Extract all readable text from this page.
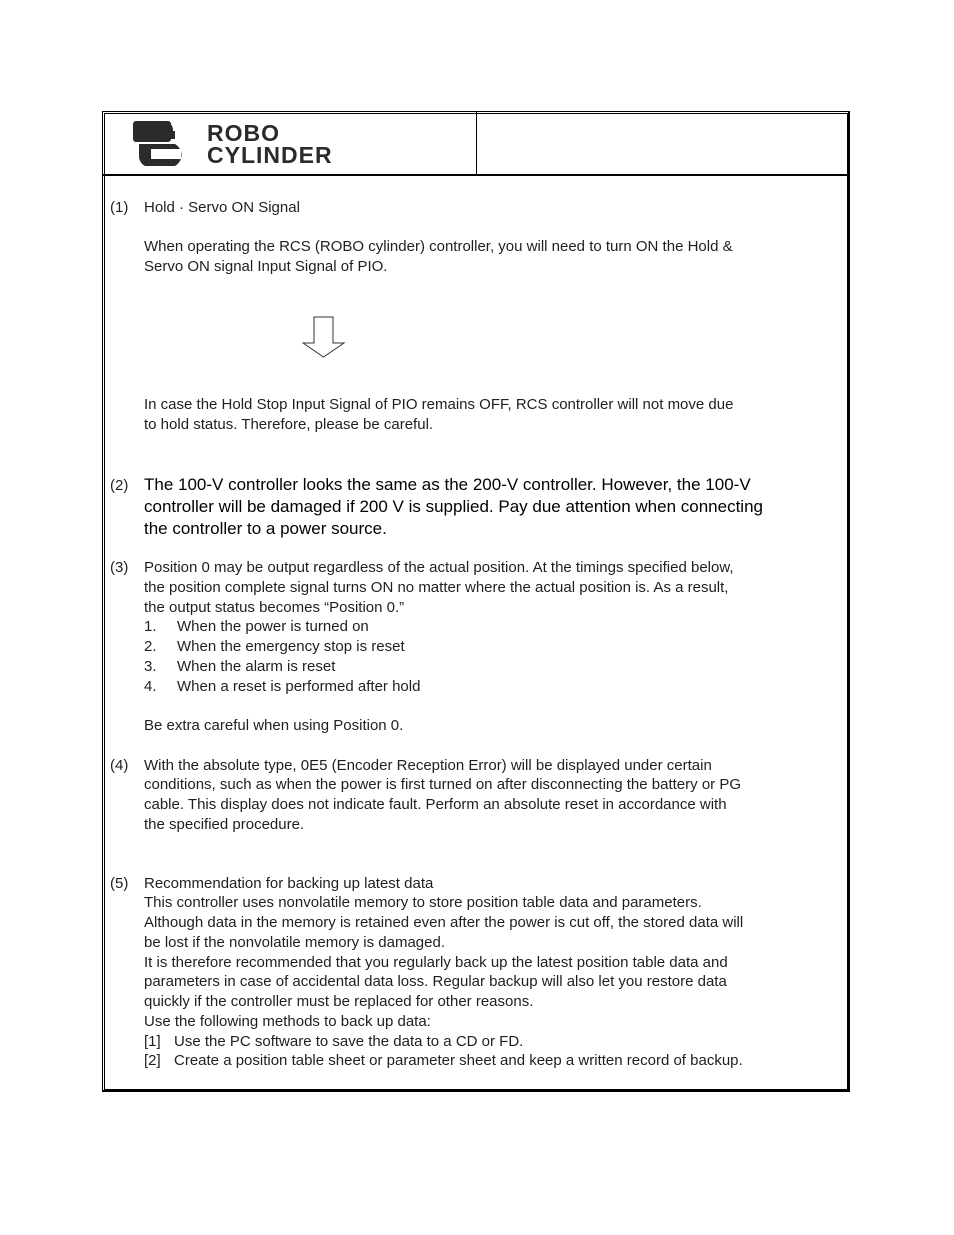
ROBO
CYLINDER
(1) Hold · Servo ON Signal

When operating the RCS (ROBO cylinder) controller, you will need to turn ON the Hold &

Servo ON signal Input Signal of PIO.

In case the Hold Stop Input Signal of PIO remains OFF, RCS controller will not move due

to hold status. Therefore, please be careful.

(2) The 100-V controller looks the same as the 200-V controller. However, the 100-V

controller will be damaged if 200 V is supplied. Pay due attention when connecting

the controller to a power source.

(3) Position 0 may be output regardless of the actual position. At the timings specified below,

the position complete signal turns ON no matter where the actual position is. As a result,

the output status becomes “Position 0.”

1. When the power is turned on

2. When the emergency stop is reset

3. When the alarm is reset

4. When a reset is performed after hold

Be extra careful when using Position 0.

(4) With the absolute type, 0E5 (Encoder Reception Error) will be displayed under certain

conditions, such as when the power is first turned on after disconnecting the battery or PG

cable. This display does not indicate fault. Perform an absolute reset in accordance with

the specified procedure.

(5) Recommendation for backing up latest data

This controller uses nonvolatile memory to store position table data and parameters.

Although data in the memory is retained even after the power is cut off, the stored data will

be lost if the nonvolatile memory is damaged.

It is therefore recommended that you regularly back up the latest position table data and

parameters in case of accidental data loss. Regular backup will also let you restore data

quickly if the controller must be replaced for other reasons.

Use the following methods to back up data:

[1] Use the PC software to save the data to a CD or FD.

[2] Create a position table sheet or parameter sheet and keep a written record of backup.
